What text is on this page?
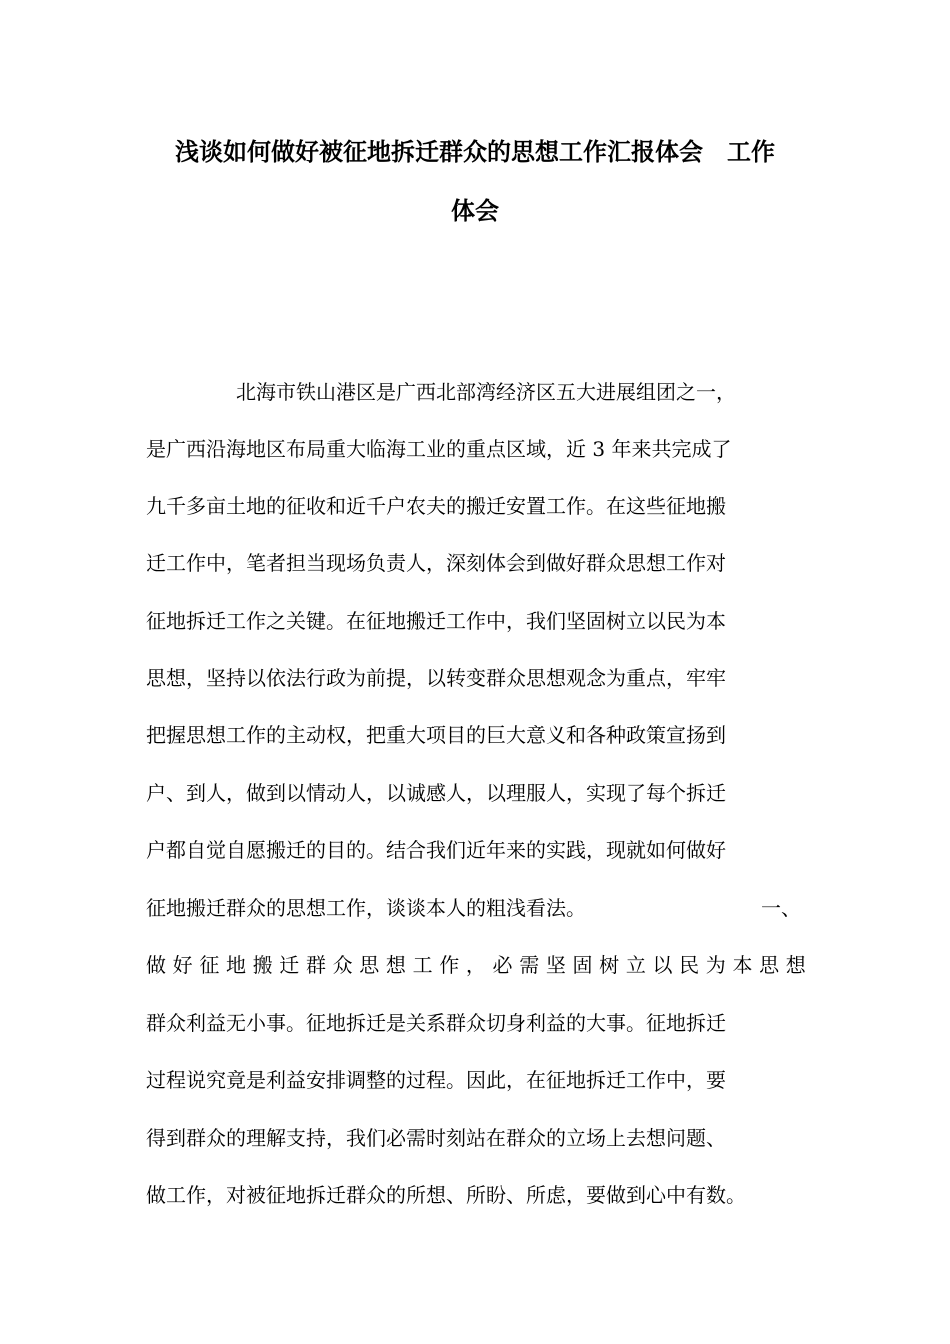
浅谈如何做好被征地拆迁群众的思想工作汇报体会　工作
体会
北海市铁山港区是广西北部湾经济区五大进展组团之一，
是广西沿海地区布局重大临海工业的重点区域，近 3 年来共完成了
九千多亩土地的征收和近千户农夫的搬迁安置工作。在这些征地搬
迁工作中，笔者担当现场负责人，深刻体会到做好群众思想工作对
征地拆迁工作之关键。在征地搬迁工作中，我们坚固树立以民为本
思想，坚持以依法行政为前提，以转变群众思想观念为重点，牢牢
把握思想工作的主动权，把重大项目的巨大意义和各种政策宣扬到
户、到人，做到以情动人，以诚感人，以理服人，实现了每个拆迁
户都自觉自愿搬迁的目的。结合我们近年来的实践，现就如何做好
征地搬迁群众的思想工作，谈谈本人的粗浅看法。	一、
做 好 征 地 搬 迁 群 众 思 想 工 作 ， 必 需 坚 固 树 立 以 民 为 本 思 想
群众利益无小事。征地拆迁是关系群众切身利益的大事。征地拆迁
过程说究竟是利益安排调整的过程。因此，在征地拆迁工作中，要
得到群众的理解支持，我们必需时刻站在群众的立场上去想问题、
做工作，对被征地拆迁群众的所想、所盼、所虑，要做到心中有数。
